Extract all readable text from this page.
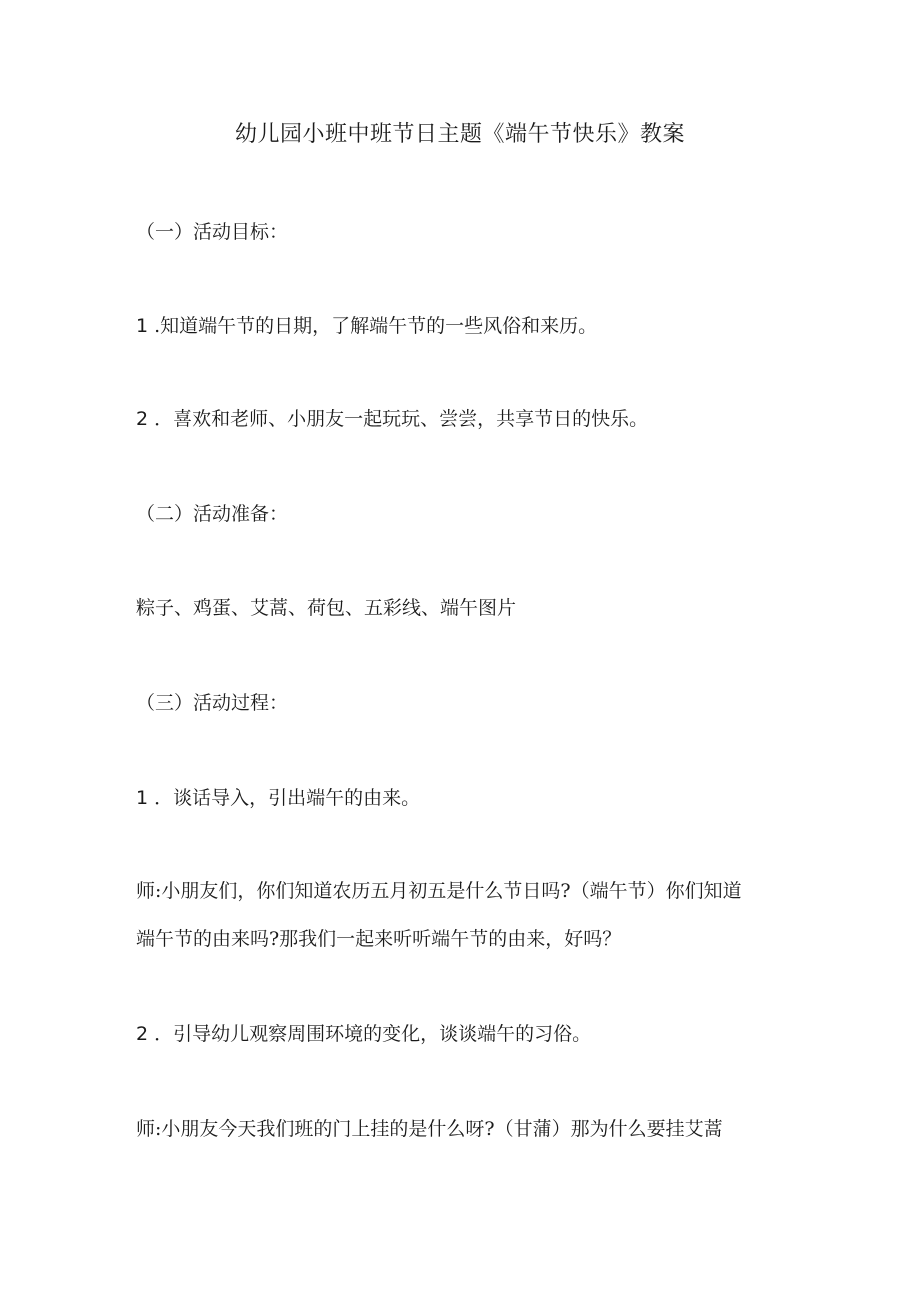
幼儿园小班中班节日主题《端午节快乐》教案
（一）活动目标：
1 .知道端午节的日期，了解端午节的一些风俗和来历。
2 ．喜欢和老师、小朋友一起玩玩、尝尝，共享节日的快乐。
（二）活动准备：
粽子、鸡蛋、艾蒿、荷包、五彩线、端午图片
（三）活动过程：
1 ．谈话导入，引出端午的由来。
师:小朋友们，你们知道农历五月初五是什么节日吗?（端午节）你们知道
端午节的由来吗?那我们一起来听听端午节的由来，好吗？
2 ．引导幼儿观察周围环境的变化，谈谈端午的习俗。
师:小朋友今天我们班的门上挂的是什么呀?（甘蒲）那为什么要挂艾蒿
